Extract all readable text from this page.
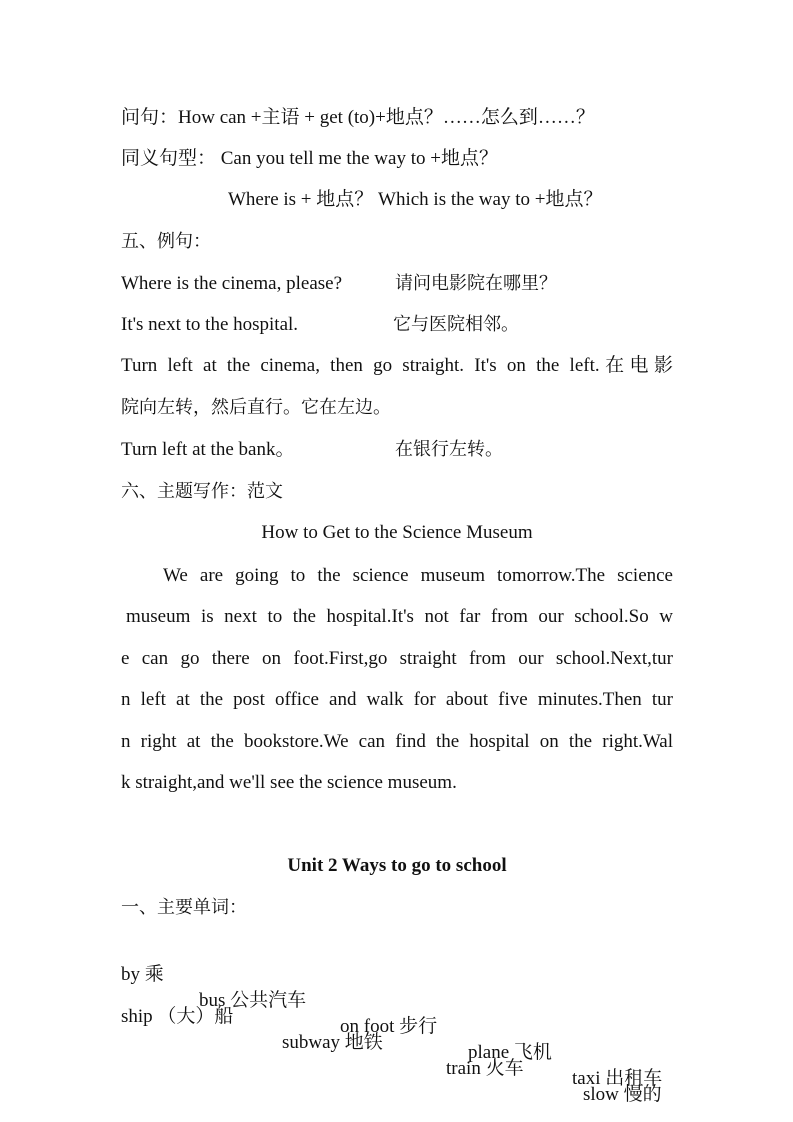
问句：How can +主语 + get (to)+地点？……怎么到……？
同义句型： Can you tell me the way to +地点？
Where is + 地点？ Which is the way to +地点？
五、例句：
Where is the cinema, please?	请问电影院在哪里？
It's next to the hospital.	它与医院相邻。
Turn left at the cinema, then go straight. It's on the left.在电影
院向左转，然后直行。它在左边。
Turn left at the bank。	在银行左转。
六、主题写作：范文
How to Get to the Science Museum
We are going to the science museum tomorrow.The science
museum is next to the hospital.It's not far from our school.So w
e can go there on foot.First,go straight from our school.Next,tur
n left at the post office and walk for about five minutes.Then tur
n right at the bookstore.We can find the hospital on the right.Wal
k straight,and we'll see the science museum.
Unit 2 Ways to go to school
一、主要单词：

by 乘

bus 公共汽车

on foot 步行

plane 飞机

taxi 出租车

ship （大）船

subway 地铁

train 火车

slow 慢的
